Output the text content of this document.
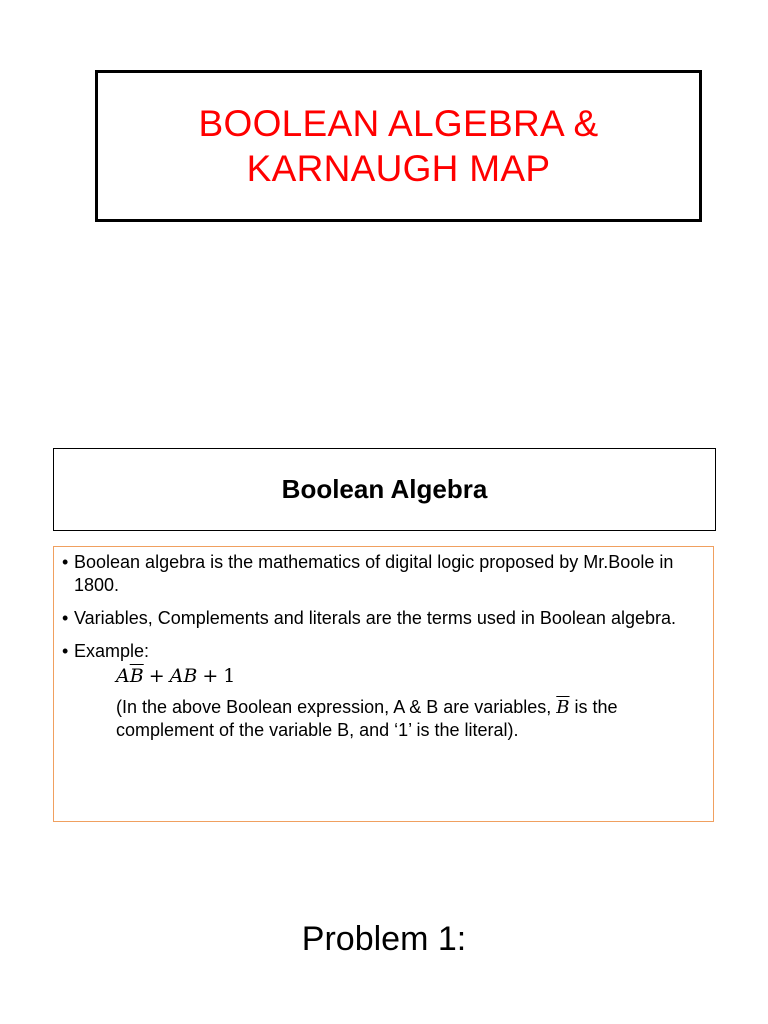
BOOLEAN ALGEBRA &
KARNAUGH MAP
Boolean Algebra
• Boolean algebra is the mathematics of digital logic proposed by Mr.Boole in 1800.
• Variables, Complements and literals are the terms used in Boolean algebra.
• Example:
$A\overline{B}$ + AB + 1
(In the above Boolean expression, A & B are variables, $\overline{B}$ is the complement of the variable B, and ‘1’ is the literal).
Problem 1:
